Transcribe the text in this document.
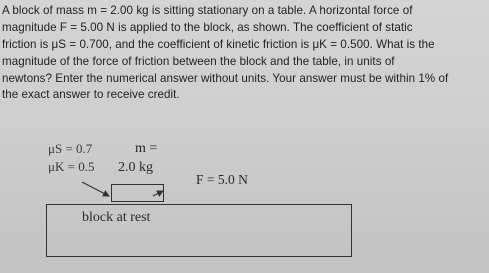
A block of mass m = 2.00 kg is sitting stationary on a table. A horizontal force of
magnitude F = 5.00 N is applied to the block, as shown. The coefficient of static
friction is μS = 0.700, and the coefficient of kinetic friction is μK = 0.500. What is the
magnitude of the force of friction between the block and the table, in units of
newtons? Enter the numerical answer without units. Your answer must be within 1% of
the exact answer to receive credit.
μS = 0.7
μK = 0.5
m =
2.0 kg
F = 5.0 N
block at rest
